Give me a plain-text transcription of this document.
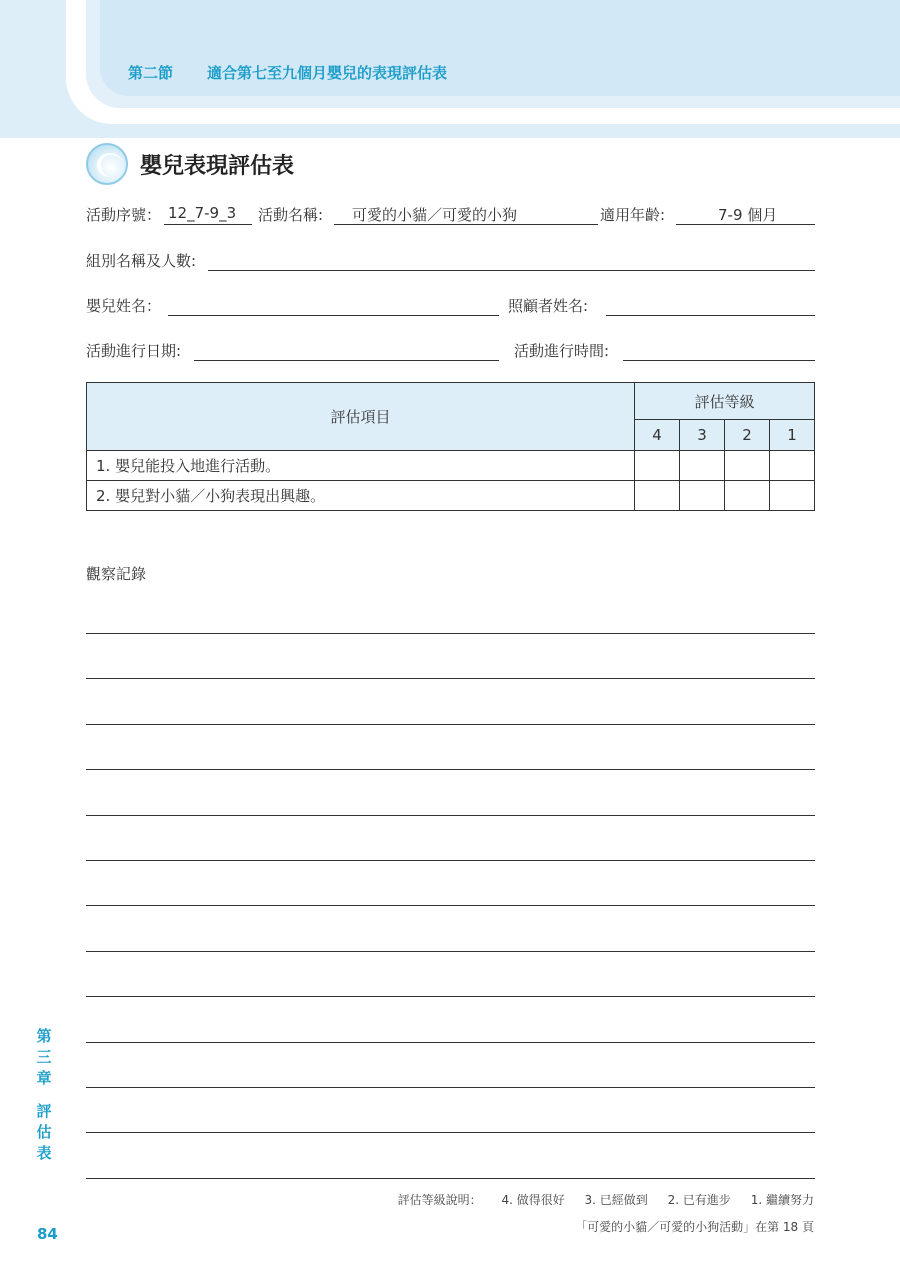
第二節 適合第七至九個月嬰兒的表現評估表
嬰兒表現評估表
活動序號： 12_7-9_3 活動名稱: 可愛的小貓／可愛的小狗	適用年齡:	7-9 個月
組別名稱及人數:
嬰兒姓名：	照顧者姓名:
活動進行日期:	活動進行時間:
評估項目	評估等級			
	4	3	2	1
1. 嬰兒能投入地進行活動。				
2. 嬰兒對小貓／小狗表現出興趣。				
觀察記錄
第
三
章
評
估
表
84
評估等級說明： 4. 做得很好 3. 已經做到 2. 已有進步 1. 繼續努力
「可愛的小貓／可愛的小狗活動」在第 18 頁
